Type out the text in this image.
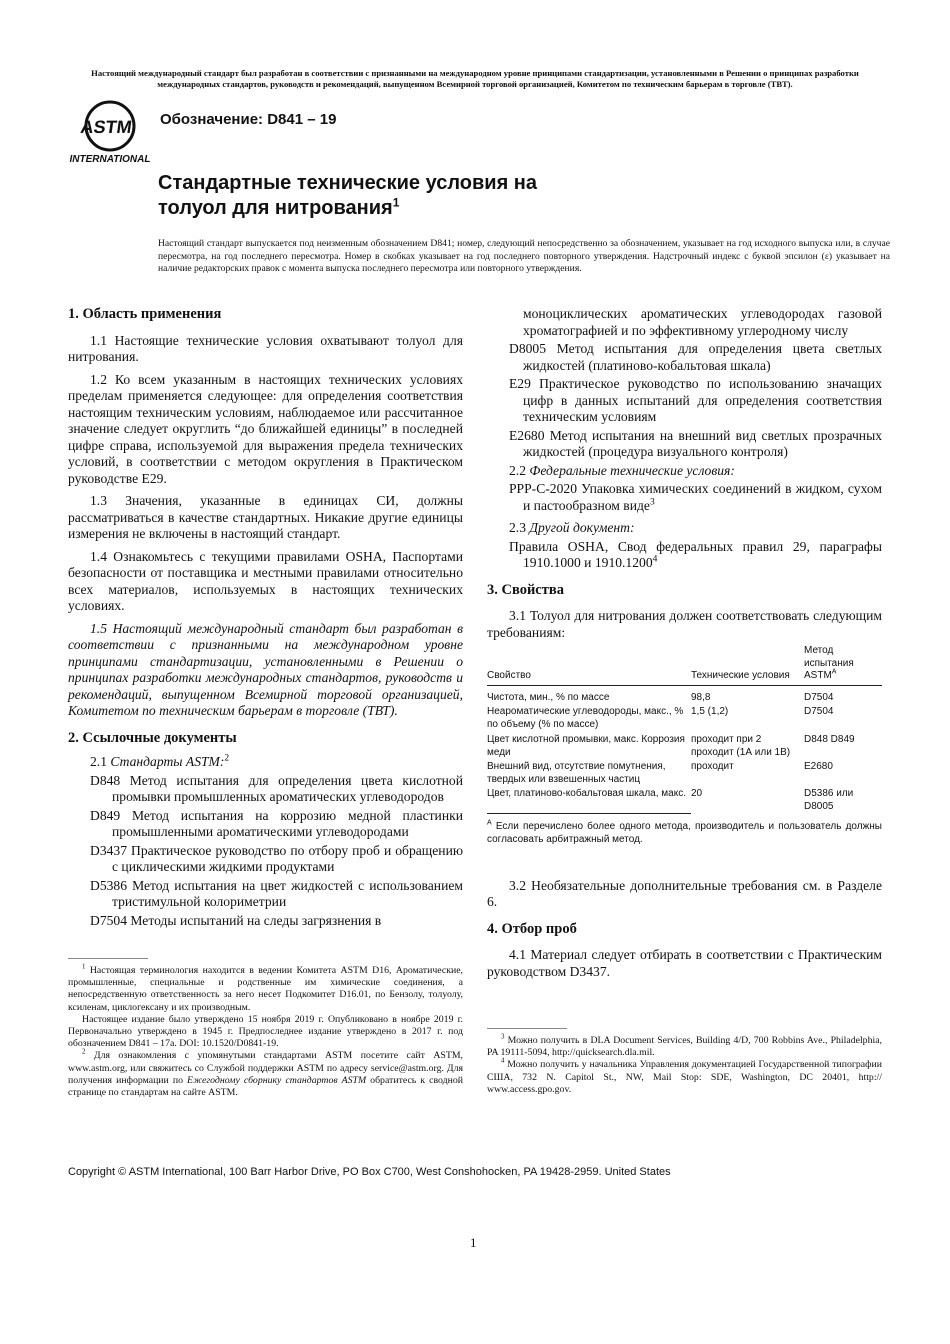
Настоящий международный стандарт был разработан в соответствии с признанными на международном уровне принципами стандартизации, установленными в Решении о принципах разработки международных стандартов, руководств и рекомендаций, выпущенном Всемирной торговой организацией, Комитетом по техническим барьерам в торговле (ТВТ).
ASTM
INTERNATIONAL
Обозначение: D841 – 19
Стандартные технические условия на
толуол для нитрования$^1$
Настоящий стандарт выпускается под неизменным обозначением D841; номер, следующий непосредственно за обозначением, указывает на год исходного выпуска или, в случае пересмотра, на год последнего пересмотра. Номер в скобках указывает на год последнего повторного утверждения. Надстрочный индекс с буквой эпсилон (ε) указывает на наличие редакторских правок с момента выпуска последнего пересмотра или повторного утверждения.

1. Область применения

1.1 Настоящие технические условия охватывают толуол для нитрования.

1.2 Ко всем указанным в настоящих технических условиях пределам применяется следующее: для определения соответствия настоящим техническим условиям, наблюдаемое или рассчитанное значение следует округлить “до ближайшей единицы” в последней цифре справа, используемой для выражения предела технических условий, в соответствии с методом округления в Практическом руководстве E29.

1.3 Значения, указанные в единицах СИ, должны рассматриваться в качестве стандартных. Никакие другие единицы измерения не включены в настоящий стандарт.

1.4 Ознакомьтесь с текущими правилами OSHA, Паспортами безопасности от поставщика и местными правилами относительно всех материалов, используемых в настоящих технических условиях.

1.5 Настоящий международный стандарт был разработан в соответствии с признанными на международном уровне принципами стандартизации, установленными в Решении о принципах разработки международных стандартов, руководств и рекомендаций, выпущенном Всемирной торговой организацией, Комитетом по техническим барьерам в торговле (ТВТ).

2. Ссылочные документы

2.1 Стандарты ASTM:$^2$

D848 Метод испытания для определения цвета кислотной промывки промышленных ароматических углеводородов

D849 Метод испытания на коррозию медной пластинки промышленными ароматическими углеводородами

D3437 Практическое руководство по отбору проб и обращению с циклическими жидкими продуктами

D5386 Метод испытания на цвет жидкостей с использованием тристимульной колориметрии

D7504 Методы испытаний на следы загрязнения в

$^1$ Настоящая терминология находится в ведении Комитета ASTM D16, Ароматические, промышленные, специальные и родственные им химические соединения, а непосредственную ответственность за него несет Подкомитет D16.01, по Бензолу, толуолу, ксиленам, циклогексану и их производным.

Настоящее издание было утверждено 15 ноября 2019 г. Опубликовано в ноябре 2019 г. Первоначально утверждено в 1945 г. Предпоследнее издание утверждено в 2017 г. под обозначением D841 – 17a. DOI: 10.1520/D0841-19.

$^2$ Для ознакомления с упомянутыми стандартами ASTM посетите сайт ASTM, www.astm.org, или свяжитесь со Службой поддержки ASTM по адресу service@astm.org. Для получения информации по Ежегодному сборнику стандартов ASTM обратитесь к сводной странице по стандартам на сайте ASTM.

моноциклических ароматических углеводородах газовой хроматографией и по эффективному углеродному числу

D8005 Метод испытания для определения цвета светлых жидкостей (платиново-кобальтовая шкала)

E29 Практическое руководство по использованию значащих цифр в данных испытаний для определения соответствия техническим условиям

E2680 Метод испытания на внешний вид светлых прозрачных жидкостей (процедура визуального контроля)

2.2 Федеральные технические условия:

PPP-C-2020 Упаковка химических соединений в жидком, сухом и пастообразном виде$^3$

2.3 Другой документ:

Правила OSHA, Свод федеральных правил 29, параграфы 1910.1000 и 1910.1200$^4$

3. Свойства

3.1 Толуол для нитрования должен соответствовать следующим требованиям:

Свойство	Технические условия	Метод испытания $ASTM^A$
Чистота, мин., % по массе	98,8	D7504
Неароматические углеводороды, макс., % по объему (% по массе)	1,5 (1,2)	D7504
Цвет кислотной промывки, макс. Коррозия меди	проходит при 2 проходит (1А или 1В)	D848 D849
Внешний вид, отсутствие помутнения, твердых или взвешенных частиц	проходит	E2680
Цвет, платиново-кобальтовая шкала, макс.	20	D5386 или D8005

$^A$ Если перечислено более одного метода, производитель и пользователь должны согласовать арбитражный метод.

3.2 Необязательные дополнительные требования см. в Разделе 6.

4. Отбор проб

4.1 Материал следует отбирать в соответствии с Практическим руководством D3437.

$^3$ Можно получить в DLA Document Services, Building 4/D, 700 Robbins Ave., Philadelphia, PA 19111-5094, http://quicksearch.dla.mil.

$^4$ Можно получить у начальника Управления документацией Государственной типографии США, 732 N. Capitol St., NW, Mail Stop: SDE, Washington, DC 20401, http:// www.access.gpo.gov.

Copyright © ASTM International, 100 Barr Harbor Drive, PO Box C700, West Conshohocken, PA 19428-2959. United States
1
